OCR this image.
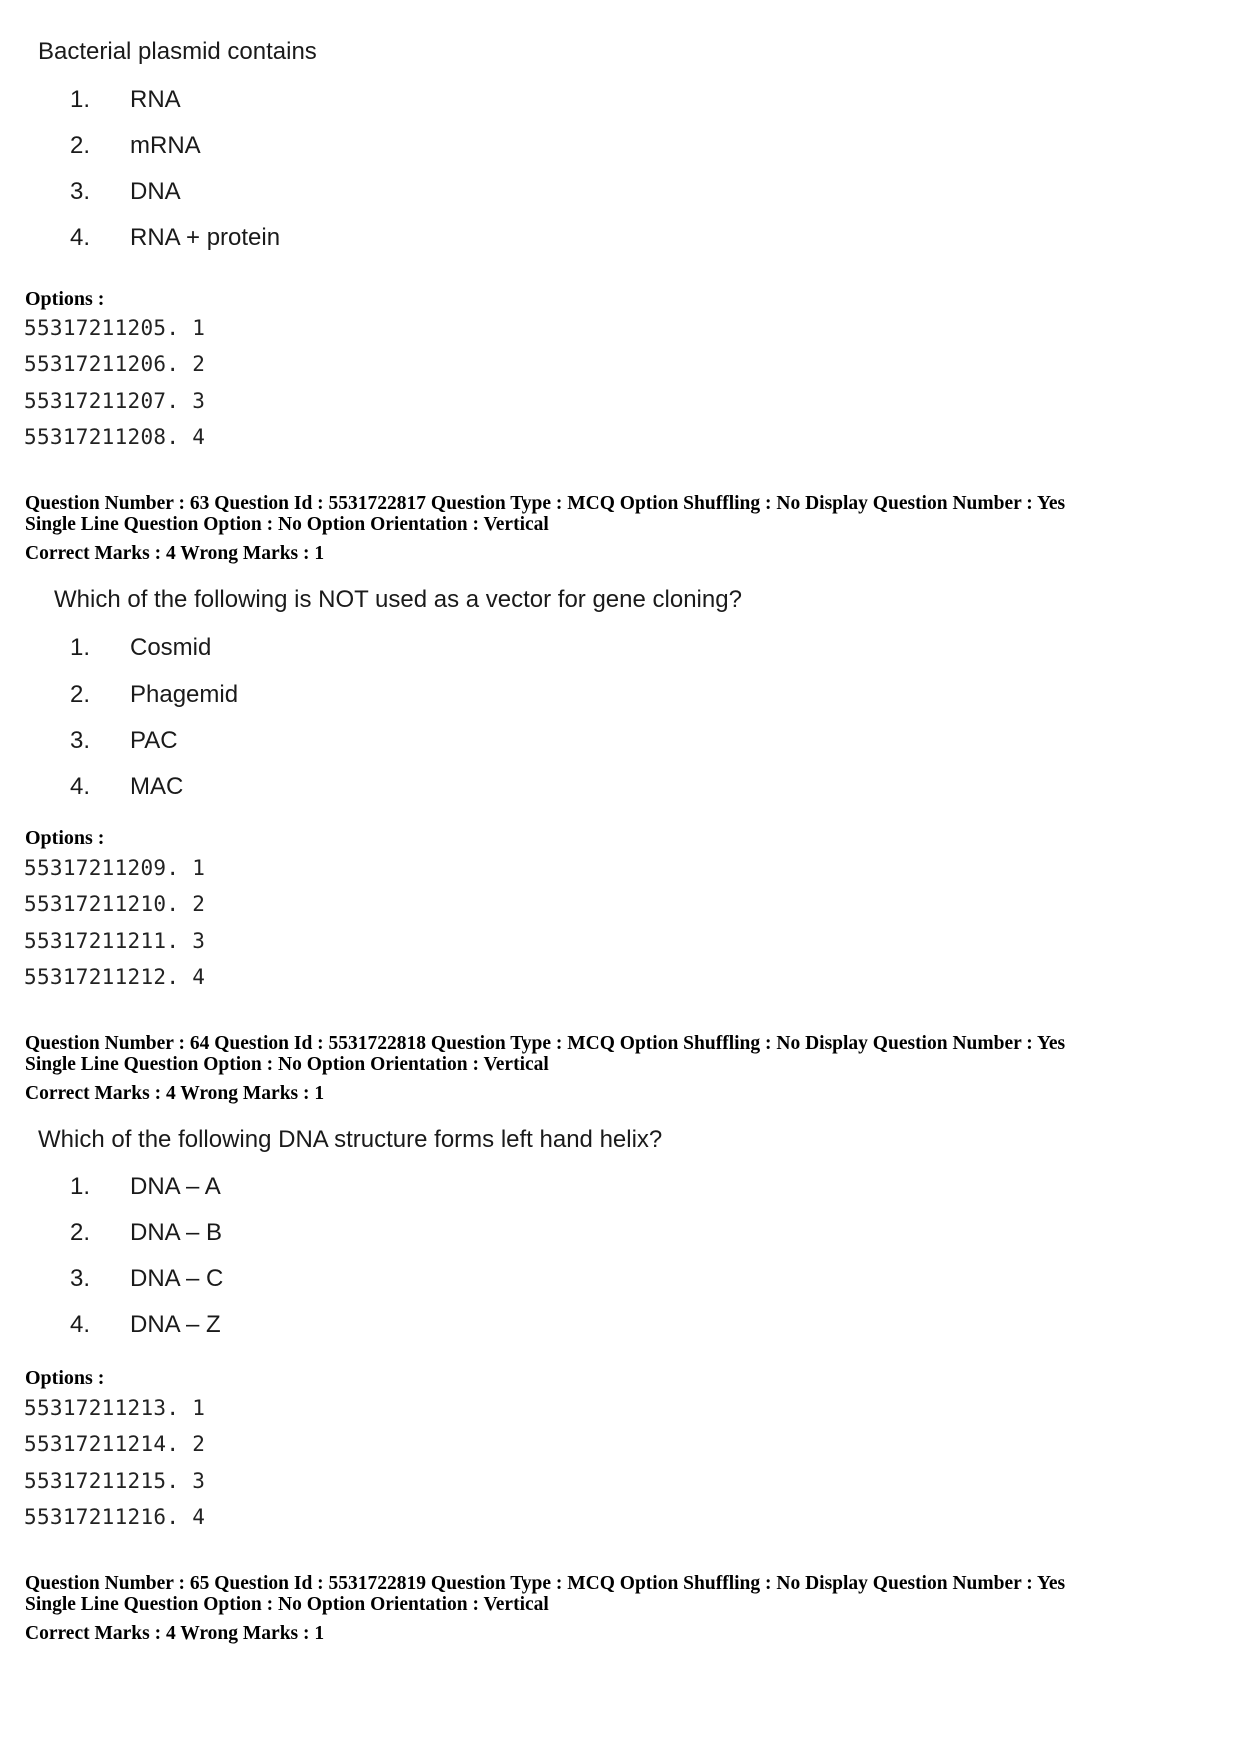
Bacterial plasmid contains
1. RNA
2. mRNA
3. DNA
4. RNA + protein
Options :
55317211205. 1
55317211206. 2
55317211207. 3
55317211208. 4
Question Number : 63 Question Id : 5531722817 Question Type : MCQ Option Shuffling : No Display Question Number : Yes
Single Line Question Option : No Option Orientation : Vertical
Correct Marks : 4 Wrong Marks : 1
Which of the following is NOT used as a vector for gene cloning?
1. Cosmid
2. Phagemid
3. PAC
4. MAC
Options :
55317211209. 1
55317211210. 2
55317211211. 3
55317211212. 4
Question Number : 64 Question Id : 5531722818 Question Type : MCQ Option Shuffling : No Display Question Number : Yes
Single Line Question Option : No Option Orientation : Vertical
Correct Marks : 4 Wrong Marks : 1
Which of the following DNA structure forms left hand helix?
1. DNA – A
2. DNA – B
3. DNA – C
4. DNA – Z
Options :
55317211213. 1
55317211214. 2
55317211215. 3
55317211216. 4
Question Number : 65 Question Id : 5531722819 Question Type : MCQ Option Shuffling : No Display Question Number : Yes
Single Line Question Option : No Option Orientation : Vertical
Correct Marks : 4 Wrong Marks : 1
